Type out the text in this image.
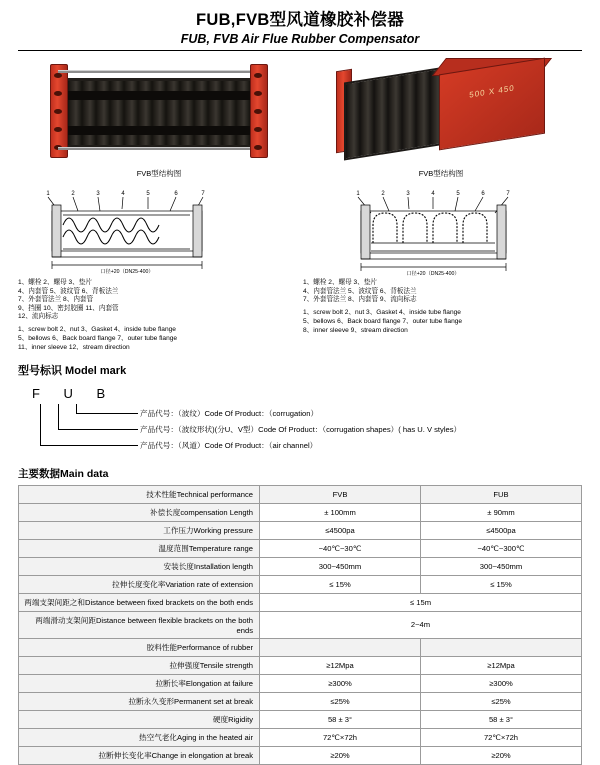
FUB,FVB型风道橡胶补偿器
FUB, FVB Air Flue Rubber Compensator
FVB型结构图
500 X 450
FVB型结构图
1	2	3	4	5	6	7
口径+20（DN25-400）
1、螺栓 2、螺母 3、垫片
4、内套管 5、波纹管 6、背板法兰
7、外套管法兰 8、内套管
9、挡圈 10、密封胶圈 11、内套管
12、流向标志
1、screw bolt 2、nut 3、Gasket 4、inside tube flange
5、bellows 6、Back board flange 7、outer tube flange
11、inner sleeve 12、stream direction
1	2	3	4	5	6	7
口径+20（DN25-400）
1、螺栓 2、螺母 3、垫片
4、内套管法兰 5、波纹管 6、背板法兰
7、外套管法兰 8、内套管 9、流向标志
1、screw bolt 2、nut 3、Gasket 4、inside tube flange
5、bellows 6、Back board flange 7、outer tube flange
8、inner sleeve 9、stream direction
型号标识 Model mark
F U B
产品代号：（波纹）Code Of Product：（corrugation）
产品代号：（波纹形状)(分U、V型）Code Of Product：（corrugation shapes）( has U. V styles）
产品代号：（风道）Code Of Product：（air channel）
主要数据Main data
技术性能Technical performance	FVB	FUB
补偿长度compensation Length	± 100mm	± 90mm
工作压力Working pressure	≤4500pa	≤4500pa
温度范围Temperature range	−40℃~30℃	−40℃~300℃
安装长度Installation length	300~450mm	300~450mm
拉伸长度变化率Variation rate of extension	≤ 15%	≤ 15%
两端支架间距之和Distance between fixed brackets on the both ends	≤ 15m	
两端滑动支架间距Distance between flexible brackets on the both ends	2~4m	
胶料性能Performance of rubber		
拉伸强度Tensile strength	≥12Mpa	≥12Mpa
拉断长率Elongation at failure	≥300%	≥300%
拉断永久变形Permanent set at break	≤25%	≤25%
硬度Rigidity	58 ± 3°	58 ± 3°
热空气老化Aging in the heated air	72℃×72h	72℃×72h
拉断伸长变化率Change in elongation at break	≥20%	≥20%
